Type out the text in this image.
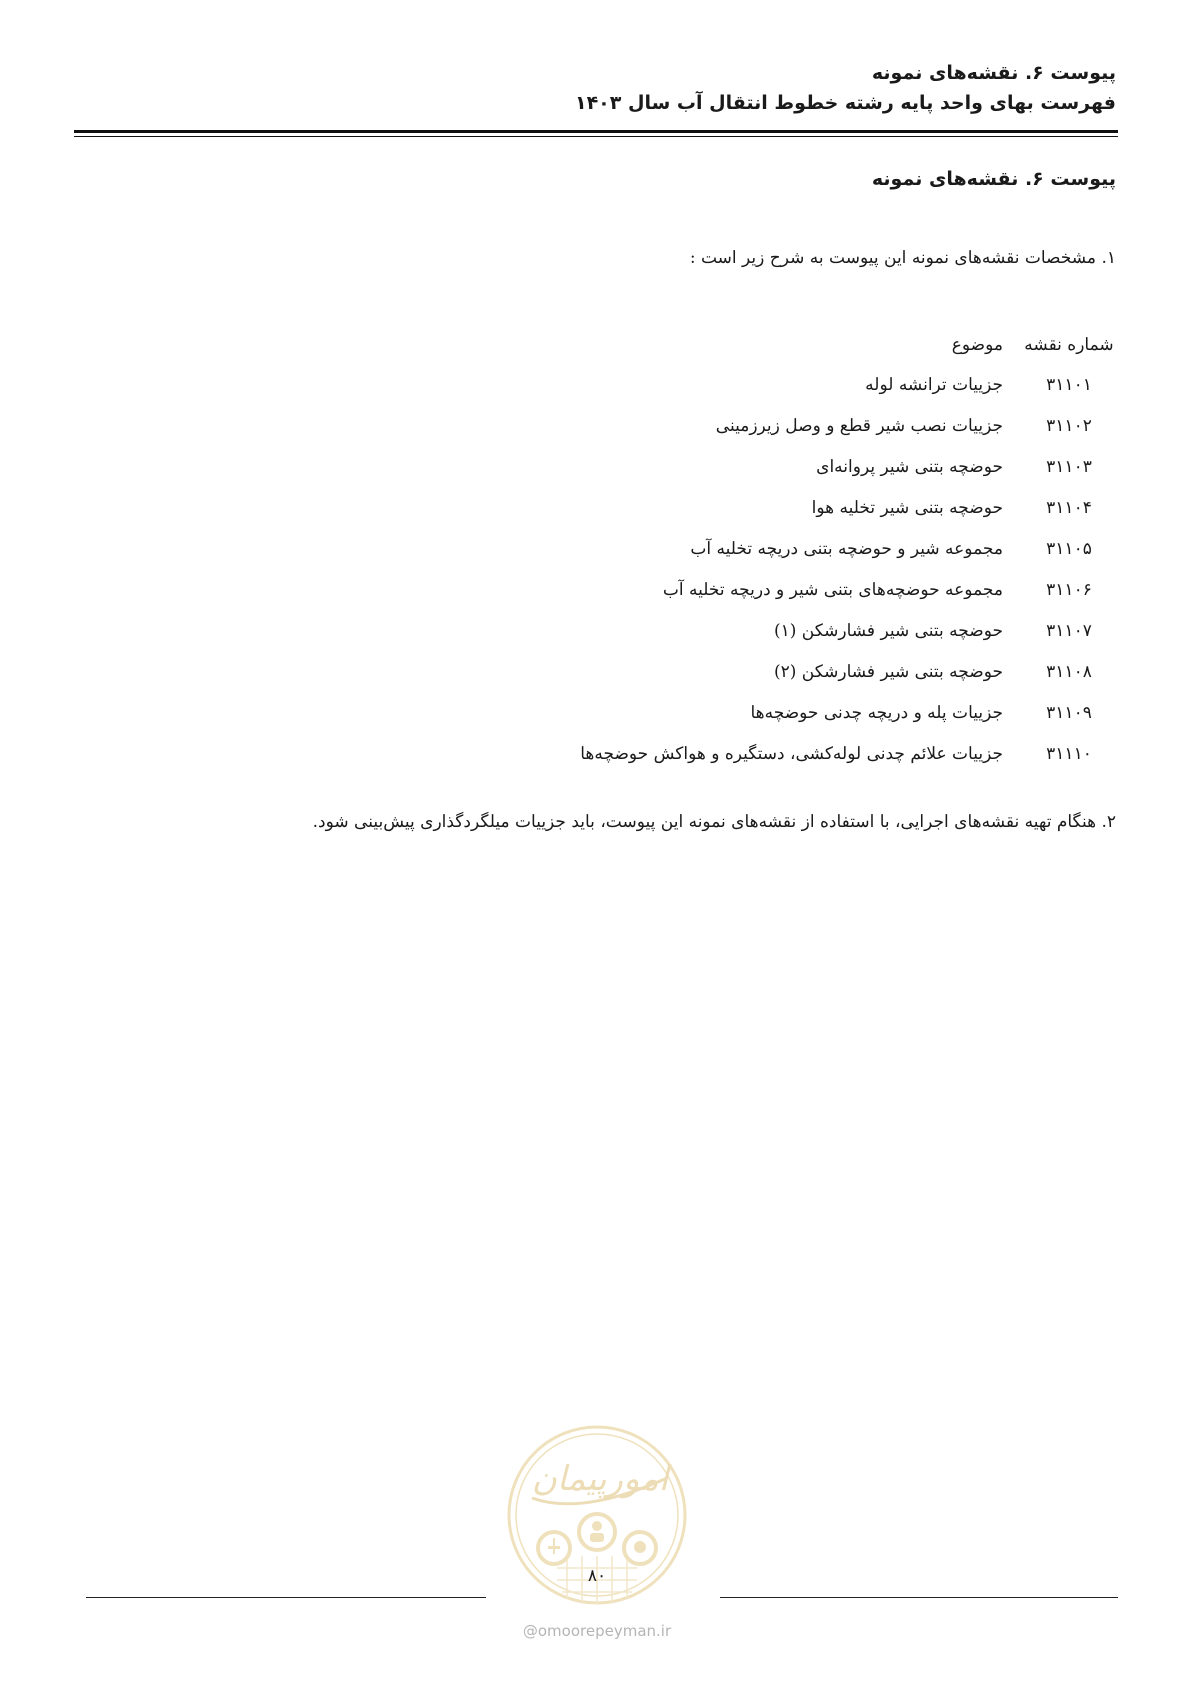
پیوست ۶. نقشه‌های نمونه
فهرست بهای واحد پایه رشته خطوط انتقال آب سال ۱۴۰۳
پیوست ۶. نقشه‌های نمونه
۱. مشخصات نقشه‌های نمونه این پیوست به شرح زیر است :
شماره نقشه
موضوع
۳۱۱۰۱
جزییات ترانشه لوله
۳۱۱۰۲
جزییات نصب شیر قطع و وصل زیرزمینی
۳۱۱۰۳
حوضچه بتنی شیر پروانه‌ای
۳۱۱۰۴
حوضچه بتنی شیر تخلیه هوا
۳۱۱۰۵
مجموعه شیر و حوضچه بتنی دریچه تخلیه آب
۳۱۱۰۶
مجموعه حوضچه‌های بتنی شیر و دریچه تخلیه آب
۳۱۱۰۷
حوضچه بتنی شیر فشارشکن (۱)
۳۱۱۰۸
حوضچه بتنی شیر فشارشکن (۲)
۳۱۱۰۹
جزییات پله و دریچه چدنی حوضچه‌ها
۳۱۱۱۰
جزییات علائم چدنی لوله‌کشی، دستگیره و هواکش حوضچه‌ها
۲. هنگام تهیه نقشه‌های اجرایی، با استفاده از نقشه‌های نمونه این پیوست، باید جزییات میلگردگذاری پیش‌بینی شود.
امورپیمان
۸۰
@omoorepeyman.ir
